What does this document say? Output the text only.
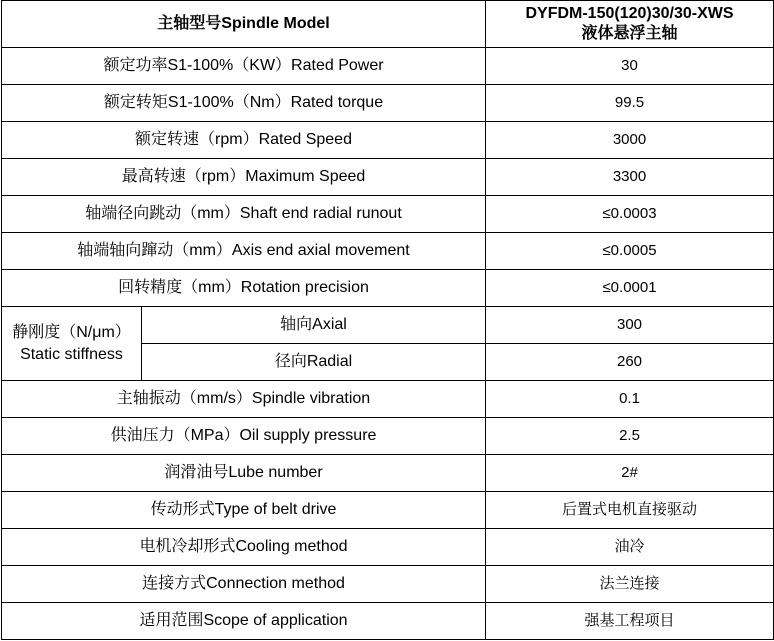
主轴型号Spindle Model		DYFDM-150(120)30/30-XWS
液体悬浮主轴

额定功率S1-100%（KW）Rated Power		30
额定转矩S1-100%（Nm）Rated torque		99.5
额定转速（rpm）Rated Speed		3000
最高转速（rpm）Maximum Speed		3300
轴端径向跳动（mm）Shaft end radial runout		≤0.0003
轴端轴向蹿动（mm）Axis end axial movement		≤0.0005
回转精度（mm）Rotation precision		≤0.0001

静刚度（N/μm）
Static stiffness	轴向Axial	300
	径向Radial	260
主轴振动（mm/s）Spindle vibration		0.1
供油压力（MPa）Oil supply pressure		2.5
润滑油号Lube number		2#
传动形式Type of belt drive		后置式电机直接驱动
电机冷却形式Cooling method		油冷
连接方式Connection method		法兰连接
适用范围Scope of application		强基工程项目
